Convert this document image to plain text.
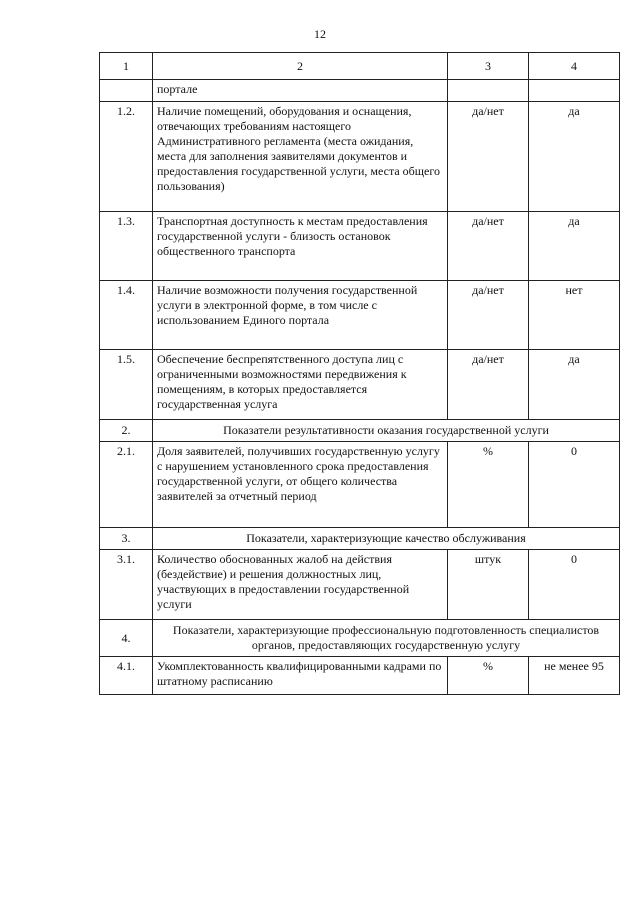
12
1	2	3	4
	портале		
1.2.	Наличие помещений, оборудования и оснащения, отвечающих требованиям настоящего Административного регламента (места ожидания, места для заполнения заявителями документов и предоставления государственной услуги, места общего пользования)	да/нет	да
1.3.	Транспортная доступность к местам предоставления государственной услуги - близость остановок общественного транспорта	да/нет	да
1.4.	Наличие возможности получения государственной услуги в электронной форме, в том числе с использованием Единого портала	да/нет	нет
1.5.	Обеспечение беспрепятственного доступа лиц с ограниченными возможностями передвижения к помещениям, в которых предоставляется государственная услуга	да/нет	да
2.	Показатели результативности оказания государственной услуги		
2.1.	Доля заявителей, получивших государственную услугу с нарушением установленного срока предоставления государственной услуги, от общего количества заявителей за отчетный период	%	0
3.	Показатели, характеризующие качество обслуживания		
3.1.	Количество обоснованных жалоб на действия (бездействие) и решения должностных лиц, участвующих в предоставлении государственной услуги	штук	0
4.	Показатели, характеризующие профессиональную подготовленность специалистов органов, предоставляющих государственную услугу		
4.1.	Укомплектованность квалифицированными кадрами по штатному расписанию	%	не менее 95
